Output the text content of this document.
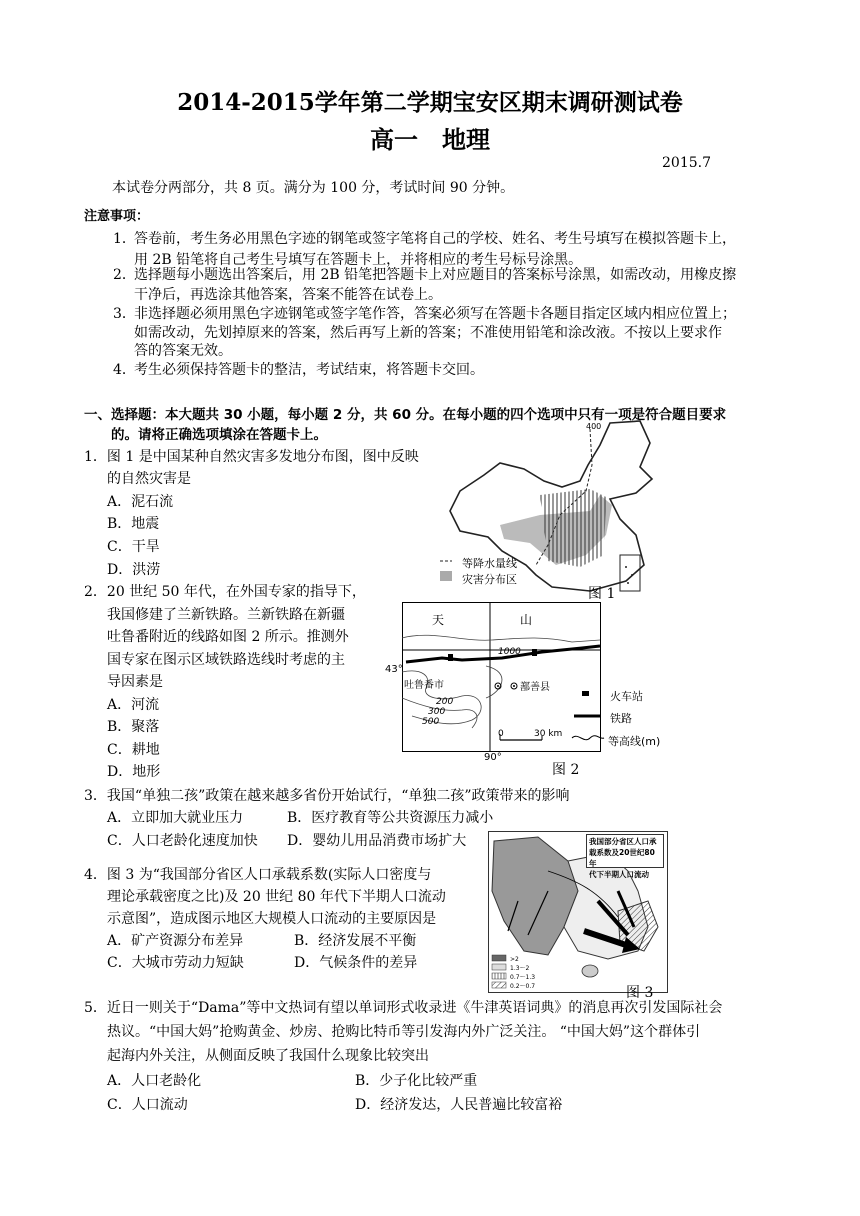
2014-2015学年第二学期宝安区期末调研测试卷
高一　地理
2015.7
本试卷分两部分，共 8 页。满分为 100 分，考试时间 90 分钟。
注意事项：
1．
答卷前，考生务必用黑色字迹的钢笔或签字笔将自己的学校、姓名、考生号填写在模拟答题卡上，
用 2B 铅笔将自己考生号填写在答题卡上，并将相应的考生号标号涂黑。
2．
选择题每小题选出答案后，用 2B 铅笔把答题卡上对应题目的答案标号涂黑，如需改动，用橡皮擦
干净后，再选涂其他答案，答案不能答在试卷上。
3．
非选择题必须用黑色字迹钢笔或签字笔作答，答案必须写在答题卡各题目指定区域内相应位置上；
如需改动，先划掉原来的答案，然后再写上新的答案；不准使用铅笔和涂改液。不按以上要求作
答的答案无效。
4．
考生必须保持答题卡的整洁，考试结束，将答题卡交回。
一、选择题：本大题共 30 小题，每小题 2 分，共 60 分。在每小题的四个选项中只有一项是符合题目要求
的。请将正确选项填涂在答题卡上。
1．图 1 是中国某种自然灾害多发地分布图，图中反映
的自然灾害是
A．泥石流
B．地震
C．干旱
D．洪涝
2．20 世纪 50 年代，在外国专家的指导下，
我国修建了兰新铁路。兰新铁路在新疆
吐鲁番附近的线路如图 2 所示。推测外
国专家在图示区域铁路选线时考虑的主
导因素是
A．河流
B．聚落
C．耕地
D．地形
3．我国“单独二孩”政策在越来越多省份开始试行，“单独二孩”政策带来的影响
A．立即加大就业压力	B．医疗教育等公共资源压力减小
C．人口老龄化速度加快 D．婴幼儿用品消费市场扩大
4．图 3 为“我国部分省区人口承载系数(实际人口密度与
理论承载密度之比)及 20 世纪 80 年代下半期人口流动
示意图”，造成图示地区大规模人口流动的主要原因是
A．矿产资源分布差异	B．经济发展不平衡
C．大城市劳动力短缺	D．气候条件的差异
5．近日一则关于“Dama”等中文热词有望以单词形式收录进《牛津英语词典》的消息再次引发国际社会
热议。“中国大妈”抢购黄金、炒房、抢购比特币等引发海内外广泛关注。 “中国大妈”这个群体引
起海内外关注，从侧面反映了我国什么现象比较突出
A．人口老龄化	B．少子化比较严重
C．人口流动	D．经济发达，人民普遍比较富裕
400
等降水量线
灾害分布区
图 1
天	山
1000
吐鲁番市	鄯善县
200
300
500
0	30 km
43°
90°
图 2
火车站
铁路
等高线(m)
>2
1.3～2
0.7～1.3
0.2～0.7
我国部分省区人口承
载系数及20世纪80年
代下半期人口流动
图 3
